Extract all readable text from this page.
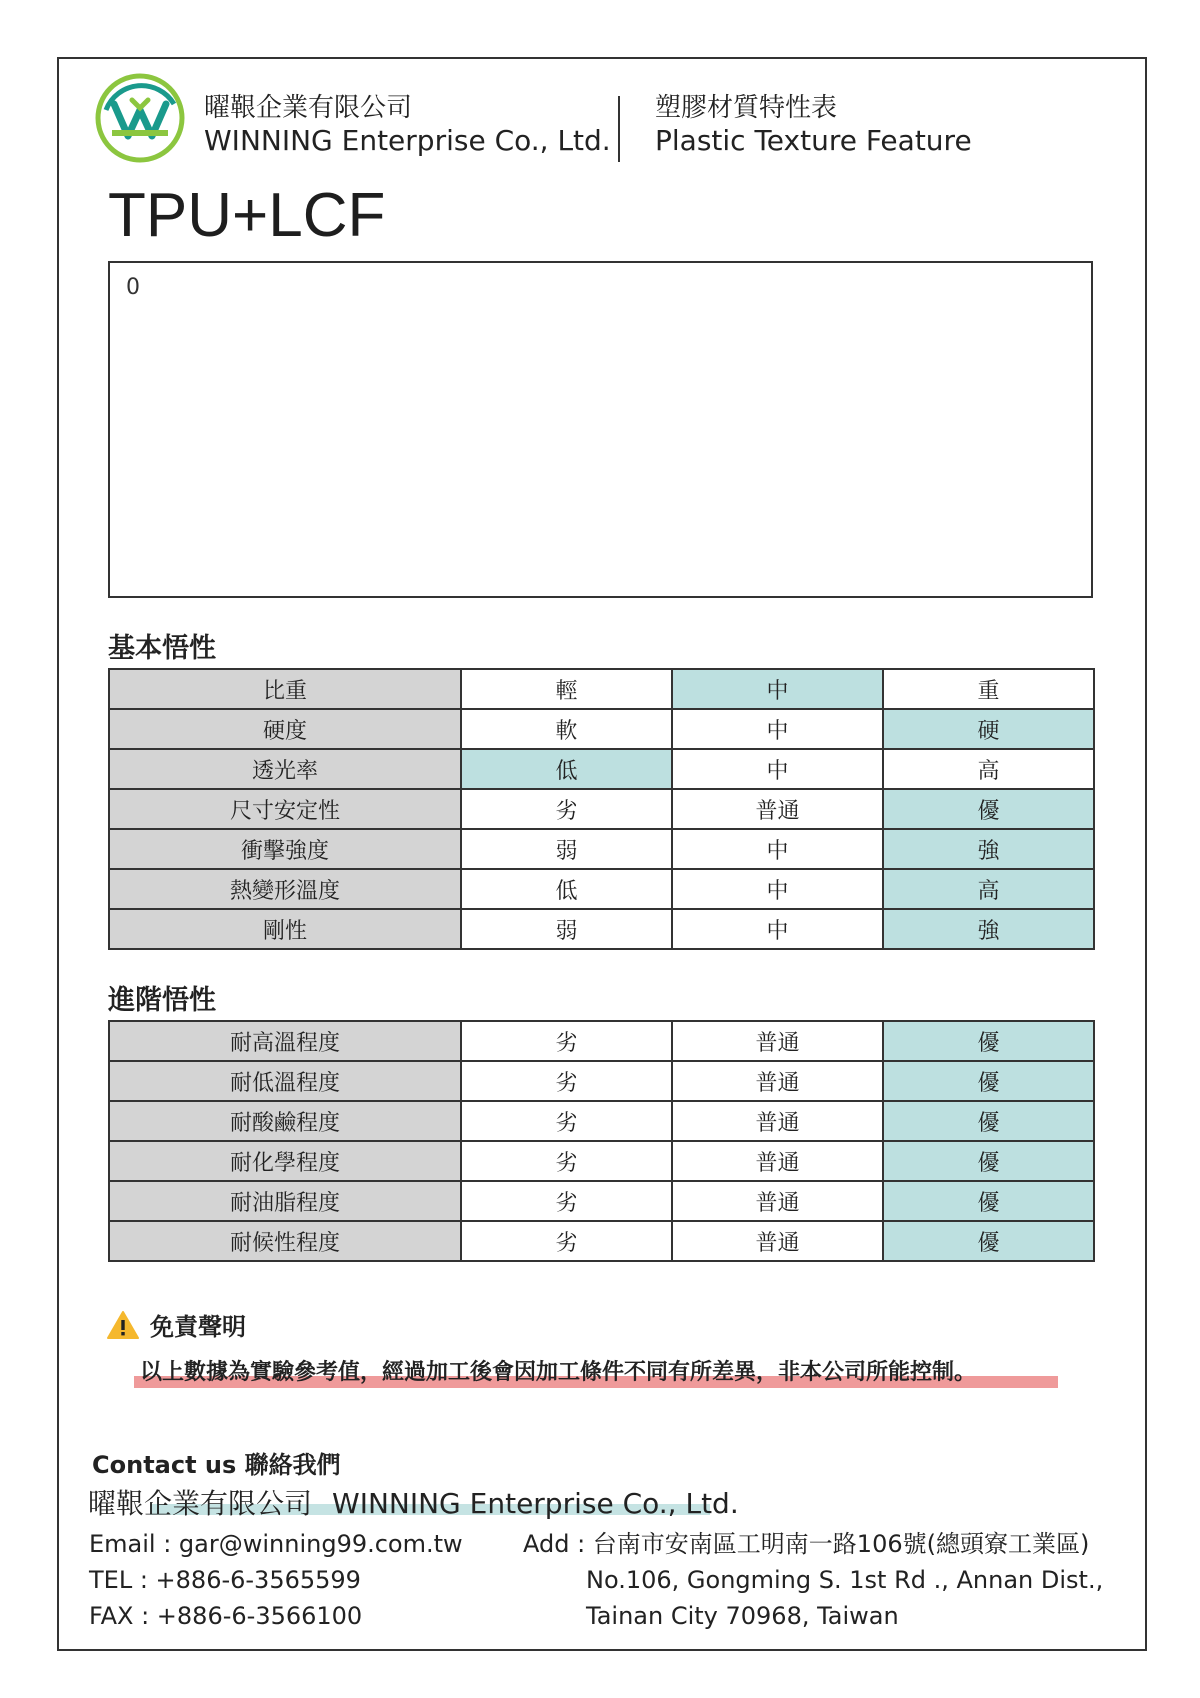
曜鞎企業有限公司
WINNING Enterprise Co., Ltd.
塑膠材質特性表
Plastic Texture Feature
TPU+LCF
0
基本悟性
比重	輕	中	重
硬度	軟	中	硬
透光率	低	中	高
尺寸安定性	劣	普通	優
衝擊強度	弱	中	強
熱變形溫度	低	中	高
剛性	弱	中	強
進階悟性
耐高溫程度	劣	普通	優
耐低溫程度	劣	普通	優
耐酸鹼程度	劣	普通	優
耐化學程度	劣	普通	優
耐油脂程度	劣	普通	優
耐候性程度	劣	普通	優
免責聲明
以上數據為實驗參考值，經過加工後會因加工條件不同有所差異，非本公司所能控制。
Contact us 聯絡我們
曜鞎企業有限公司 WINNING Enterprise Co., Ltd.
Email : gar@winning99.com.tw
TEL : +886-6-3565599
FAX : +886-6-3566100
Add : 台南市安南區工明南一路106號(總頭寮工業區)
No.106, Gongming S. 1st Rd ., Annan Dist.,
Tainan City 70968, Taiwan
